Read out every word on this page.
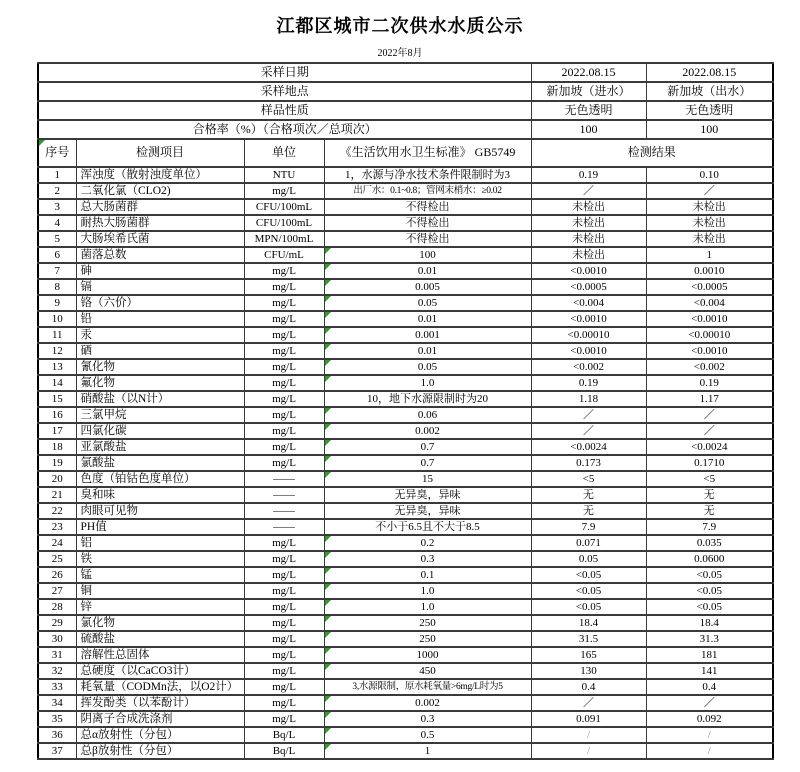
江都区城市二次供水水质公示
2022年8月
采样日期				2022.08.15	2022.08.15
采样地点				新加坡（进水）	新加坡（出水）
样品性质				无色透明	无色透明
合格率（%）（合格项次／总项次）				100	100
序号	检测项目	单位	《生活饮用水卫生标准》 GB5749	检测结果	
1	浑浊度（散射浊度单位）	NTU	1，水源与净水技术条件限制时为3	0.19	0.10
2	二氧化氯（CLO2)	mg/L	出厂水：0.1~0.8；管网末梢水：≥0.02	／	／
3	总大肠菌群	CFU/100mL	不得检出	未检出	未检出
4	耐热大肠菌群	CFU/100mL	不得检出	未检出	未检出
5	大肠埃希氏菌	MPN/100mL	不得检出	未检出	未检出
6	菌落总数	CFU/mL	100	未检出	1
7	砷	mg/L	0.01	<0.0010	0.0010
8	镉	mg/L	0.005	<0.0005	<0.0005
9	铬（六价）	mg/L	0.05	<0.004	<0.004
10	铅	mg/L	0.01	<0.0010	<0.0010
11	汞	mg/L	0.001	<0.00010	<0.00010
12	硒	mg/L	0.01	<0.0010	<0.0010
13	氰化物	mg/L	0.05	<0.002	<0.002
14	氟化物	mg/L	1.0	0.19	0.19
15	硝酸盐（以N计）	mg/L	10，地下水源限制时为20	1.18	1.17
16	三氯甲烷	mg/L	0.06	／	／
17	四氯化碳	mg/L	0.002	／	／
18	亚氯酸盐	mg/L	0.7	<0.0024	<0.0024
19	氯酸盐	mg/L	0.7	0.173	0.1710
20	色度（铂钴色度单位）	——	15	<5	<5
21	臭和味	——	无异臭，异味	无	无
22	肉眼可见物	——	无异臭，异味	无	无
23	PH值	——	不小于6.5且不大于8.5	7.9	7.9
24	铝	mg/L	0.2	0.071	0.035
25	铁	mg/L	0.3	0.05	0.0600
26	锰	mg/L	0.1	<0.05	<0.05
27	铜	mg/L	1.0	<0.05	<0.05
28	锌	mg/L	1.0	<0.05	<0.05
29	氯化物	mg/L	250	18.4	18.4
30	硫酸盐	mg/L	250	31.5	31.3
31	溶解性总固体	mg/L	1000	165	181
32	总硬度（以CaCO3计）	mg/L	450	130	141
33	耗氧量（CODMn法，以O2计）	mg/L	3,水源限制，原水耗氧量>6mg/L时为5	0.4	0.4
34	挥发酚类（以苯酚计）	mg/L	0.002	／	／
35	阴离子合成洗涤剂	mg/L	0.3	0.091	0.092
36	总α放射性（分包）	Bq/L	0.5	/	/
37	总β放射性（分包）	Bq/L	1	/	/
